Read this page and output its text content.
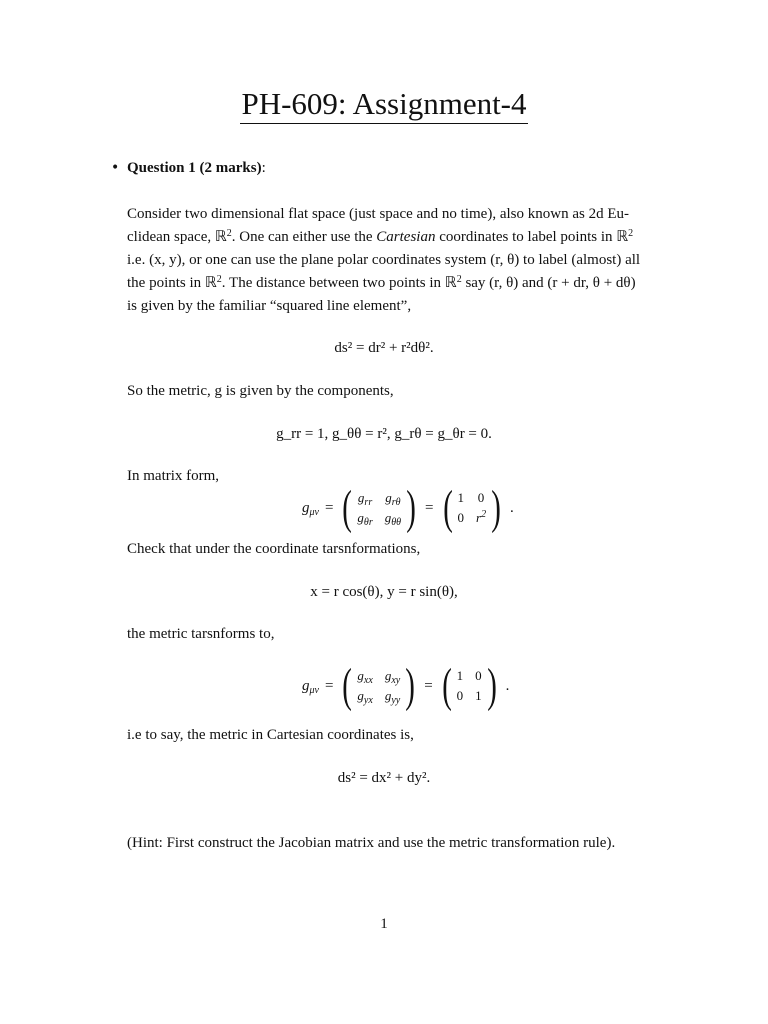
PH-609: Assignment-4
• Question 1 (2 marks):
Consider two dimensional flat space (just space and no time), also known as 2d Eu-
clidean space, ℝ$^2$. One can either use the Cartesian coordinates to label points in ℝ$^2$
i.e. (x, y), or one can use the plane polar coordinates system (r, θ) to label (almost) all
the points in ℝ$^2$. The distance between two points in ℝ$^2$ say (r, θ) and (r + dr, θ + dθ)
is given by the familiar “squared line element”,
ds² = dr² + r²dθ².
So the metric, g is given by the components,
g_rr = 1, g_θθ = r², g_rθ = g_θr = 0.
In matrix form,
$g_{\mu\nu}$ = ( $g_{rr}$ $g_{r\theta}$
$g_{\theta r}$ $g_{\theta\theta}$ ) = ( 1 0
0 $r^2$ ) .
Check that under the coordinate tarsnformations,
x = r cos(θ), y = r sin(θ),
the metric tarsnforms to,
$g_{\mu\nu}$ = ( $g_{xx}$ $g_{xy}$
$g_{yx}$ $g_{yy}$ ) = ( 1 0
0 1 ) .
i.e to say, the metric in Cartesian coordinates is,
ds² = dx² + dy².
(Hint: First construct the Jacobian matrix and use the metric transformation rule).
1
